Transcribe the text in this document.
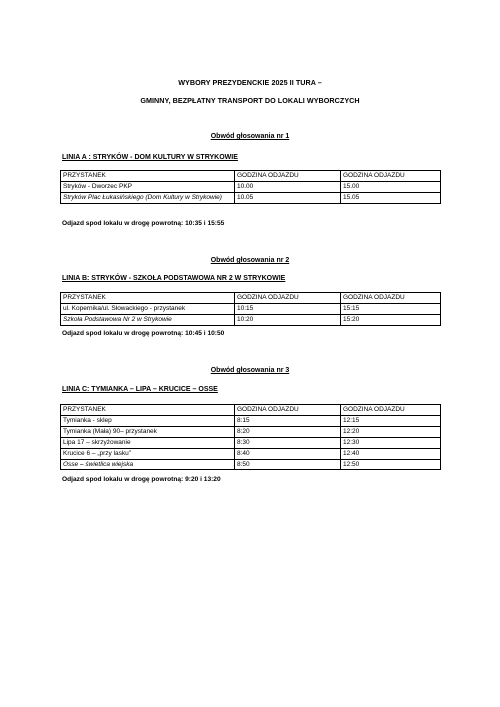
WYBORY PREZYDENCKIE 2025 II TURA –
GMINNY, BEZPŁATNY TRANSPORT DO LOKALI WYBORCZYCH
Obwód głosowania nr 1
LINIA A : STRYKÓW - DOM KULTURY W STRYKOWIE
PRZYSTANEK	GODZINA ODJAZDU	GODZINA ODJAZDU
Stryków - Dworzec PKP	10.00	15.00
Stryków Plac Łukasińskiego (Dom Kultury w Strykowie)	10.05	15.05
Odjazd spod lokalu w drogę powrotną: 10:35 i 15:55
Obwód głosowania nr 2
LINIA B: STRYKÓW - SZKOŁA PODSTAWOWA NR 2 W STRYKOWIE
PRZYSTANEK	GODZINA ODJAZDU	GODZINA ODJAZDU
ul. Kopernika/ul. Słowackiego - przystanek	10:15	15:15
Szkoła Podstawowa Nr 2 w Strykowie	10:20	15:20
Odjazd spod lokalu w drogę powrotną: 10:45 i 10:50
Obwód głosowania nr 3
LINIA C: TYMIANKA – LIPA – KRUCICE – OSSE
PRZYSTANEK	GODZINA ODJAZDU	GODZINA ODJAZDU
Tymianka - sklep	8:15	12:15
Tymianka (Mała) 90– przystanek	8:20	12:20
Lipa 17 – skrzyżowanie	8:30	12:30
Krucice 6 – „przy lasku”	8:40	12:40
Osse – świetlica wiejska	8:50	12:50
Odjazd spod lokalu w drogę powrotną: 9:20 i 13:20
